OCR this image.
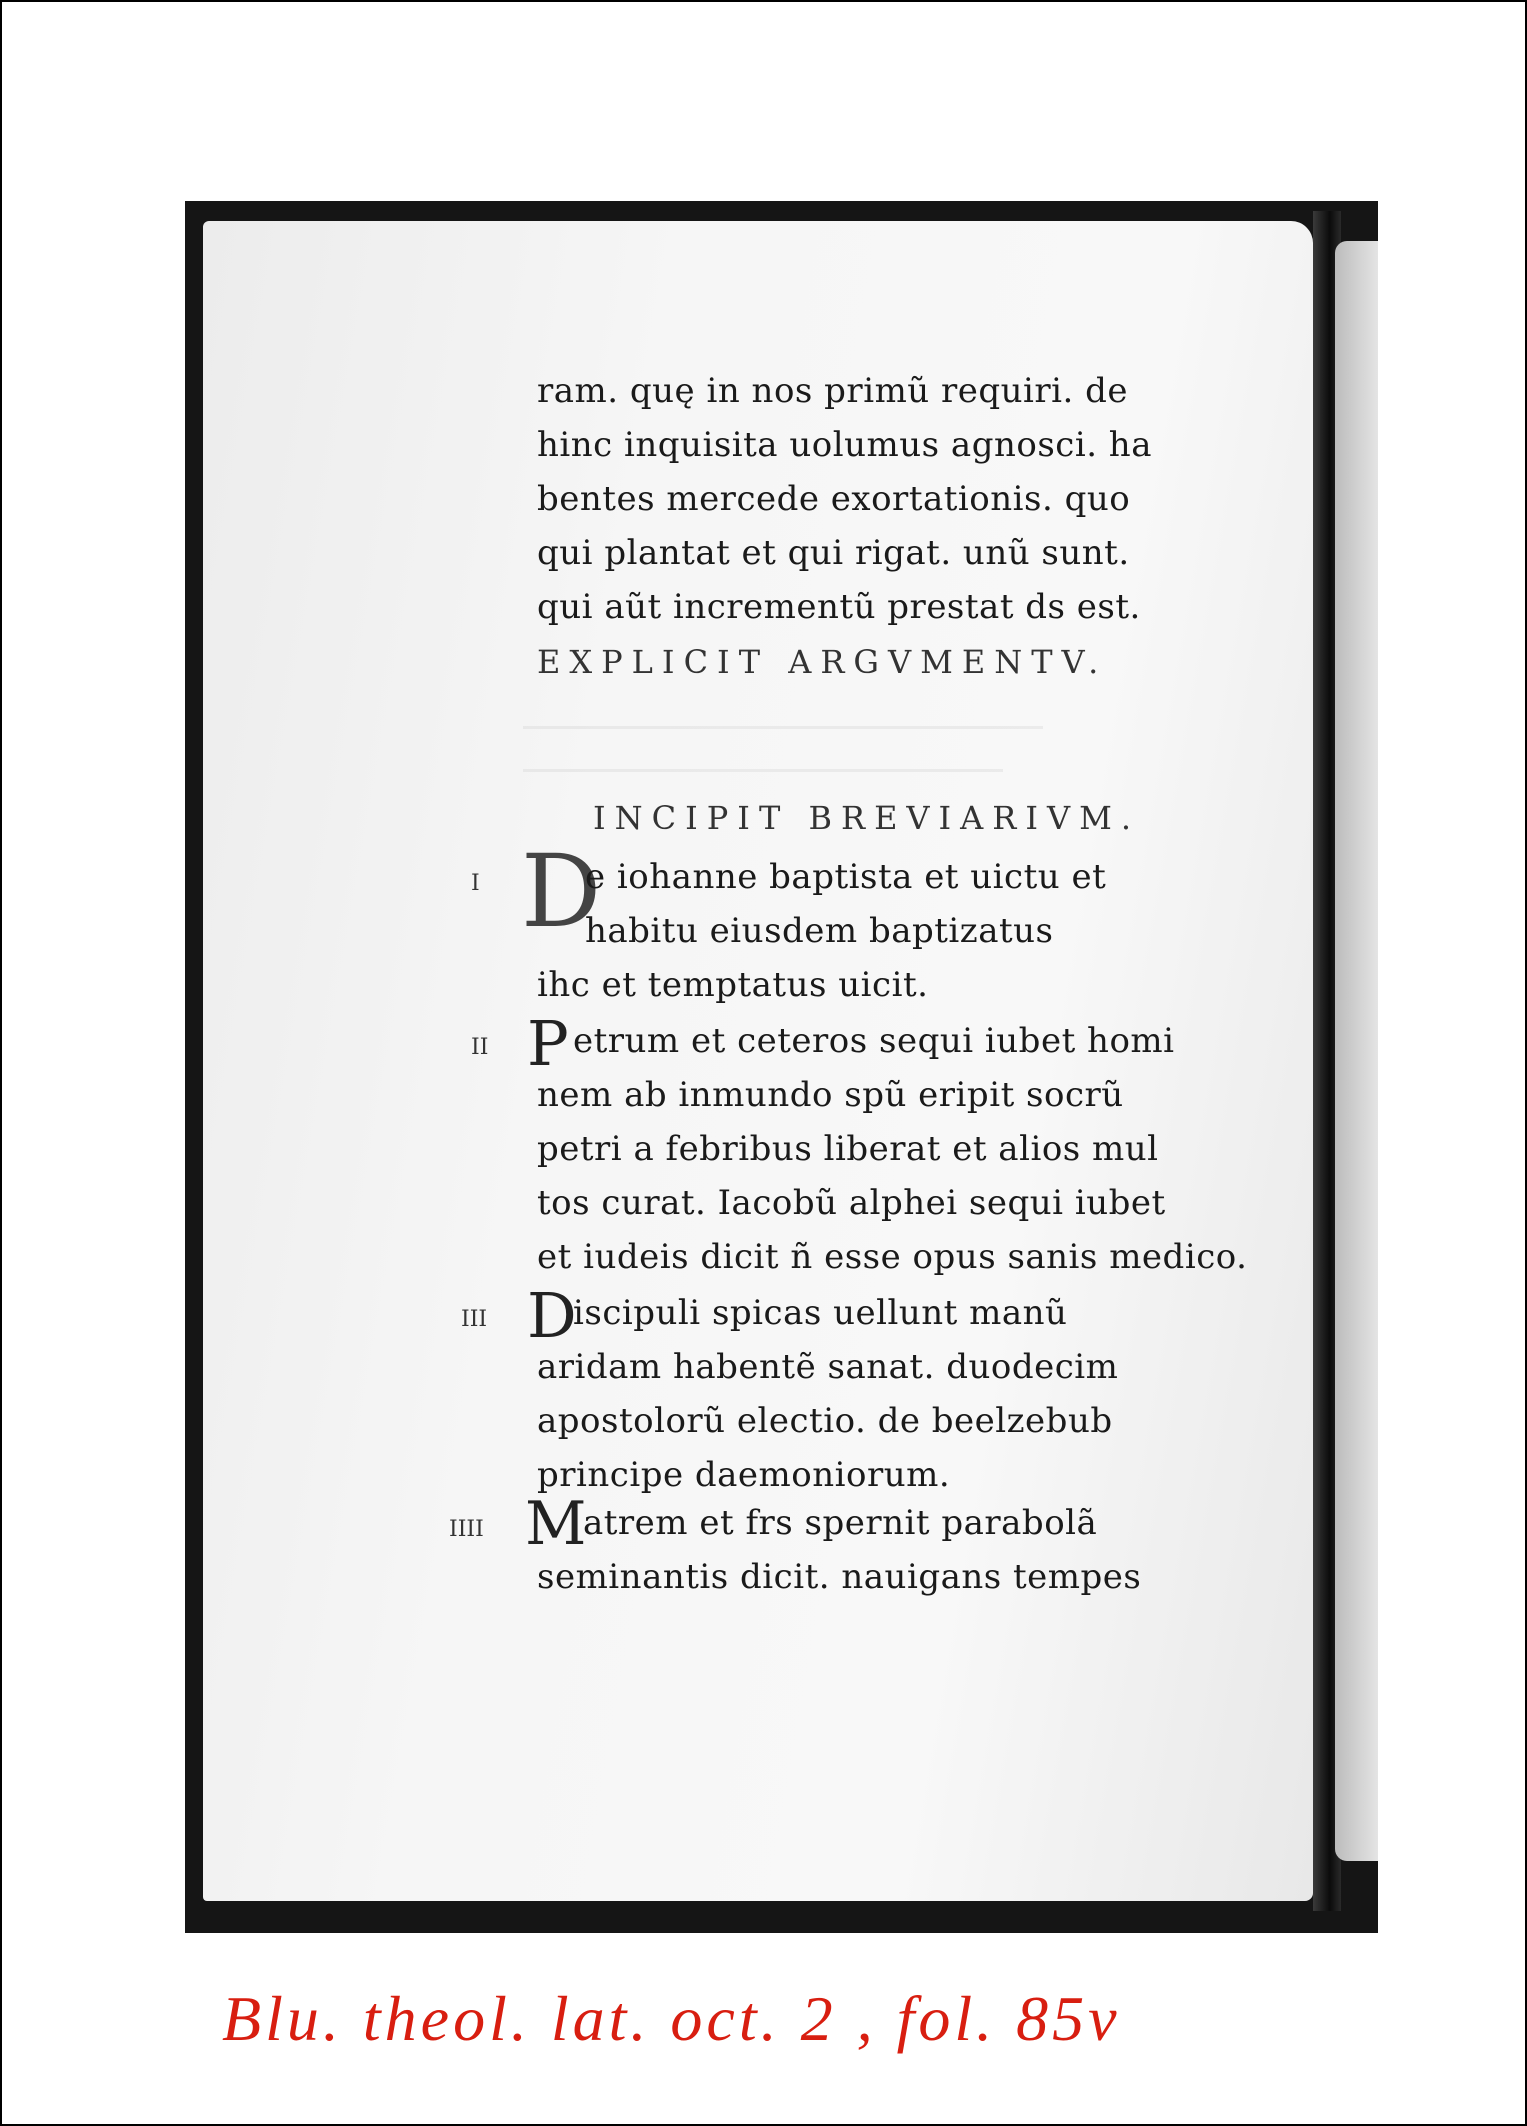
ram. quę in nos primũ requiri. de

hinc inquisita uolumus agnosci. ha

bentes mercede exortationis. quo

qui plantat et qui rigat. unũ sunt.

qui aũt incrementũ prestat ds est.

EXPLICIT ARGVMENTV.

INCIPIT BREVIARIVM.

I D

e iohanne baptista et uictu et

habitu eiusdem baptizatus

ihc et temptatus uicit.

II P etrum et ceteros sequi iubet homi

nem ab inmundo spũ eripit socrũ

petri a febribus liberat et alios mul

tos curat. Iacobũ alphei sequi iubet

et iudeis dicit ñ esse opus sanis medico.

III D

iscipuli spicas uellunt manũ

aridam habentẽ sanat. duodecim

apostolorũ electio. de beelzebub

principe daemoniorum.

IIII M

atrem et frs spernit parabolã

seminantis dicit. nauigans tempes

Blu. theol. lat. oct. 2 , fol. 85v
